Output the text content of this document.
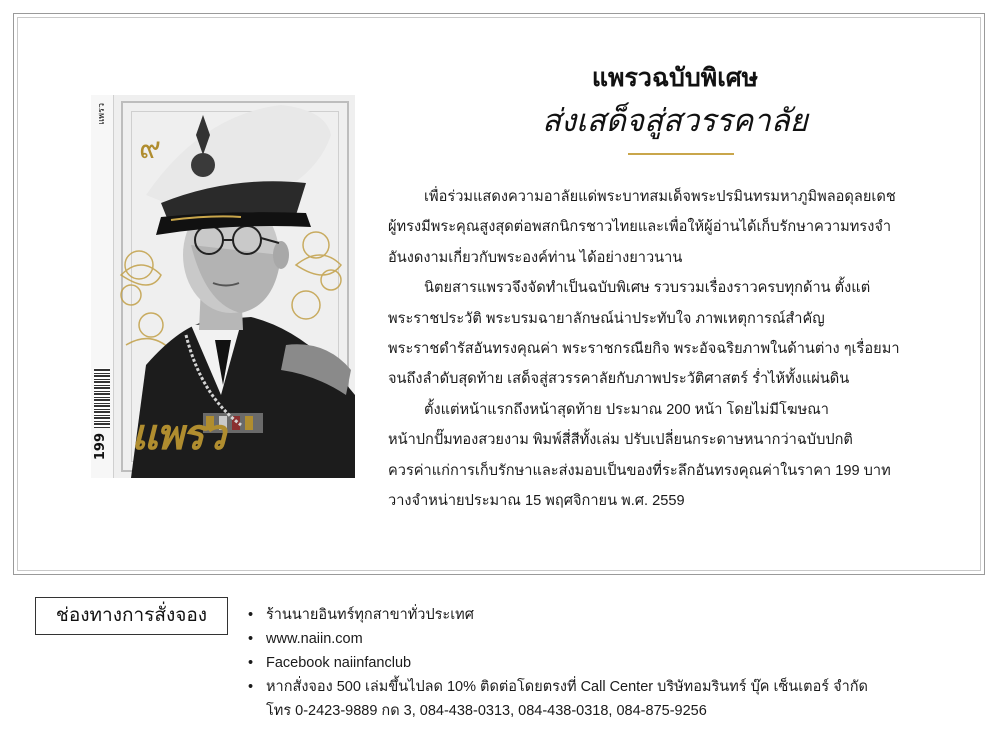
แพรว
199
๙
แพรว
แพรวฉบับพิเศษ
ส่งเสด็จสู่สวรรคาลัย
เพื่อร่วมแสดงความอาลัยแด่พระบาทสมเด็จพระปรมินทรมหาภูมิพลอดุลยเดช
ผู้ทรงมีพระคุณสูงสุดต่อพสกนิกรชาวไทยและเพื่อให้ผู้อ่านได้เก็บรักษาความทรงจำ
อันงดงามเกี่ยวกับพระองค์ท่าน ได้อย่างยาวนาน
นิตยสารแพรวจึงจัดทำเป็นฉบับพิเศษ รวบรวมเรื่องราวครบทุกด้าน ตั้งแต่
พระราชประวัติ พระบรมฉายาลักษณ์น่าประทับใจ ภาพเหตุการณ์สำคัญ
พระราชดำรัสอันทรงคุณค่า พระราชกรณียกิจ พระอัจฉริยภาพในด้านต่าง ๆเรื่อยมา
จนถึงลำดับสุดท้าย เสด็จสู่สวรรคาลัยกับภาพประวัติศาสตร์ ร่ำไห้ทั้งแผ่นดิน
ตั้งแต่หน้าแรกถึงหน้าสุดท้าย ประมาณ 200 หน้า โดยไม่มีโฆษณา
หน้าปกปั๊มทองสวยงาม พิมพ์สี่สีทั้งเล่ม ปรับเปลี่ยนกระดาษหนากว่าฉบับปกติ
ควรค่าแก่การเก็บรักษาและส่งมอบเป็นของที่ระลึกอันทรงคุณค่าในราคา 199 บาท
วางจำหน่ายประมาณ 15 พฤศจิกายน พ.ศ. 2559
ช่องทางการสั่งจอง	• ร้านนายอินทร์ทุกสาขาทั่วประเทศ
• www.naiin.com
• Facebook naiinfanclub
• หากสั่งจอง 500 เล่มขึ้นไปลด 10% ติดต่อโดยตรงที่ Call Center บริษัทอมรินทร์ บุ๊ค เซ็นเตอร์ จำกัด
โทร 0-2423-9889 กด 3, 084-438-0313, 084-438-0318, 084-875-9256
